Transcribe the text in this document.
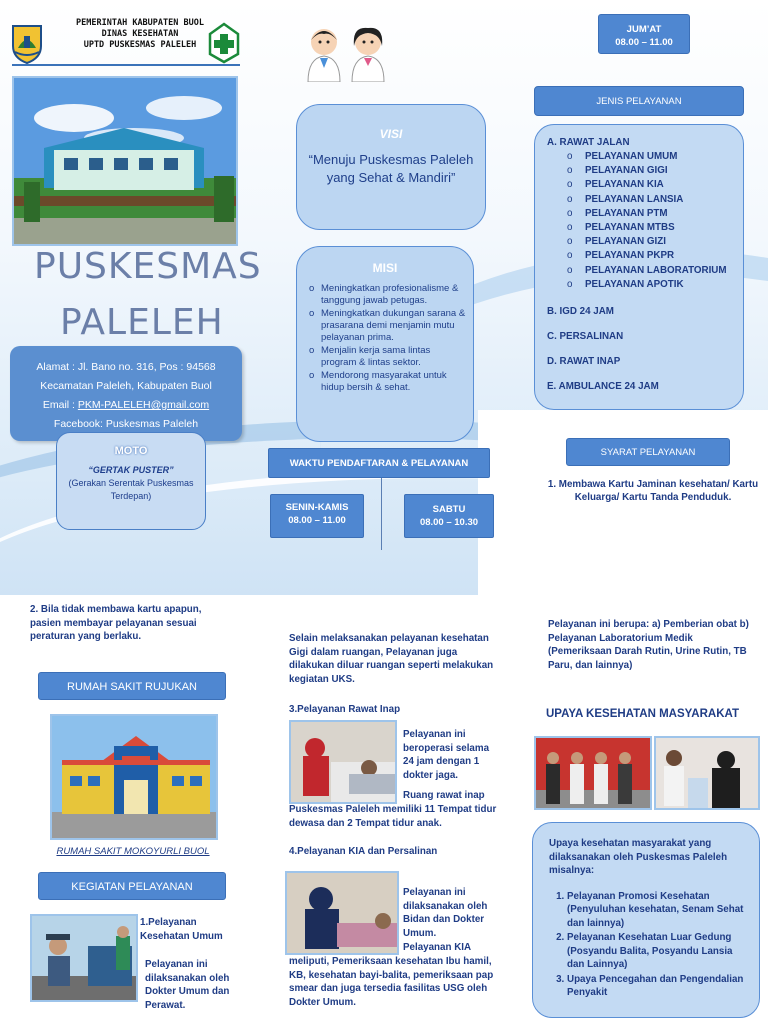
PEMERINTAH KABUPATEN BUOL
DINAS KESEHATAN
UPTD PUSKESMAS PALELEH
PUSKESMAS
PALELEH
Alamat : Jl. Bano no. 316, Pos : 94568
Kecamatan Paleleh, Kabupaten Buol
Email : PKM-PALELEH@gmail.com
Facebook: Puskesmas Paleleh
MOTO
“GERTAK PUSTER”
(Gerakan Serentak Puskesmas Terdepan)
VISI
“Menuju Puskesmas Paleleh yang Sehat & Mandiri”
MISI
o Meningkatkan profesionalisme & tanggung jawab petugas.
o Meningkatkan dukungan sarana & prasarana demi menjamin mutu pelayanan prima.
o Menjalin kerja sama lintas program & lintas sektor.
o Mendorong masyarakat untuk hidup bersih & sehat.
JUM’AT
08.00 – 11.00
JENIS PELAYANAN
A. RAWAT JALAN
o PELAYANAN UMUM
o PELAYANAN GIGI
o PELAYANAN KIA
o PELAYANAN LANSIA
o PELAYANAN PTM
o PELAYANAN MTBS
o PELAYANAN GIZI
o PELAYANAN PKPR
o PELAYANAN LABORATORIUM
o PELAYANAN APOTIK
B. IGD 24 JAM
C. PERSALINAN
D. RAWAT INAP
E. AMBULANCE 24 JAM
WAKTU PENDAFTARAN & PELAYANAN
SENIN-KAMIS
08.00 – 11.00
SABTU
08.00 – 10.30
SYARAT PELAYANAN
1. Membawa Kartu Jaminan kesehatan/ Kartu Keluarga/ Kartu Tanda Penduduk.
2. Bila tidak membawa kartu apapun, pasien membayar pelayanan sesuai peraturan yang berlaku.
RUMAH SAKIT RUJUKAN
RUMAH SAKIT MOKOYURLI BUOL
KEGIATAN PELAYANAN
1.Pelayanan Kesehatan Umum
Pelayanan ini dilaksanakan oleh Dokter Umum dan Perawat.
Selain melaksanakan pelayanan kesehatan Gigi dalam ruangan, Pelayanan juga dilakukan diluar ruangan seperti melakukan kegiatan UKS.
3.Pelayanan Rawat Inap
Pelayanan ini beroperasi selama 24 jam dengan 1 dokter jaga.
Ruang rawat inap
Puskesmas Paleleh memiliki 11 Tempat tidur dewasa dan 2 Tempat tidur anak.
4.Pelayanan KIA dan Persalinan
Pelayanan ini dilaksanakan oleh Bidan dan Dokter Umum.
Pelayanan KIA
meliputi, Pemeriksaan kesehatan Ibu hamil, KB, kesehatan bayi-balita, pemeriksaan pap smear dan juga tersedia fasilitas USG oleh Dokter Umum.
Pelayanan ini berupa: a) Pemberian obat b) Pelayanan Laboratorium Medik (Pemeriksaan Darah Rutin, Urine Rutin, TB Paru, dan lainnya)
UPAYA KESEHATAN MASYARAKAT
Upaya kesehatan masyarakat yang dilaksanakan oleh Puskesmas Paleleh misalnya:
1. Pelayanan Promosi Kesehatan (Penyuluhan kesehatan, Senam Sehat dan lainnya)
2. Pelayanan Kesehatan Luar Gedung (Posyandu Balita, Posyandu Lansia dan Lainnya)
3. Upaya Pencegahan dan Pengendalian Penyakit
